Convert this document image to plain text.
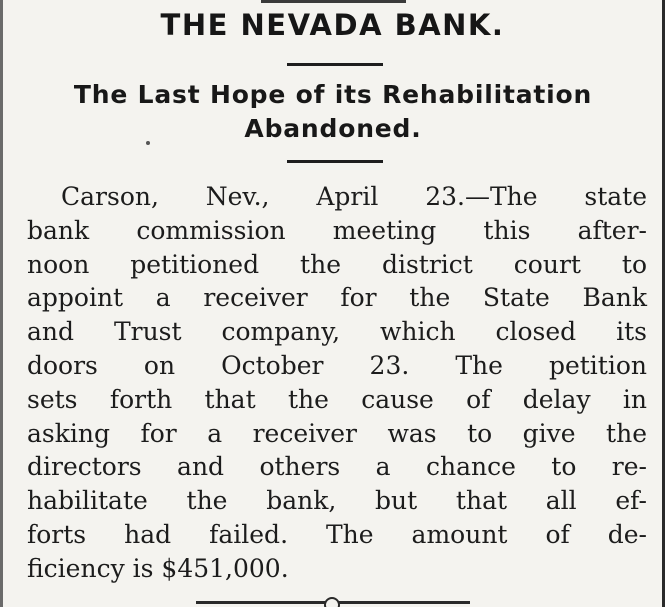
THE NEVADA BANK.
The Last Hope of its Rehabilitation
Abandoned.
Carson, Nev., April 23.—The state
bank commission meeting this after-
noon petitioned the district court to
appoint a receiver for the State Bank
and Trust company, which closed its
doors on October 23. The petition
sets forth that the cause of delay in
asking for a receiver was to give the
directors and others a chance to re-
habilitate the bank, but that all ef-
forts had failed. The amount of de-
ficiency is $451,000.
